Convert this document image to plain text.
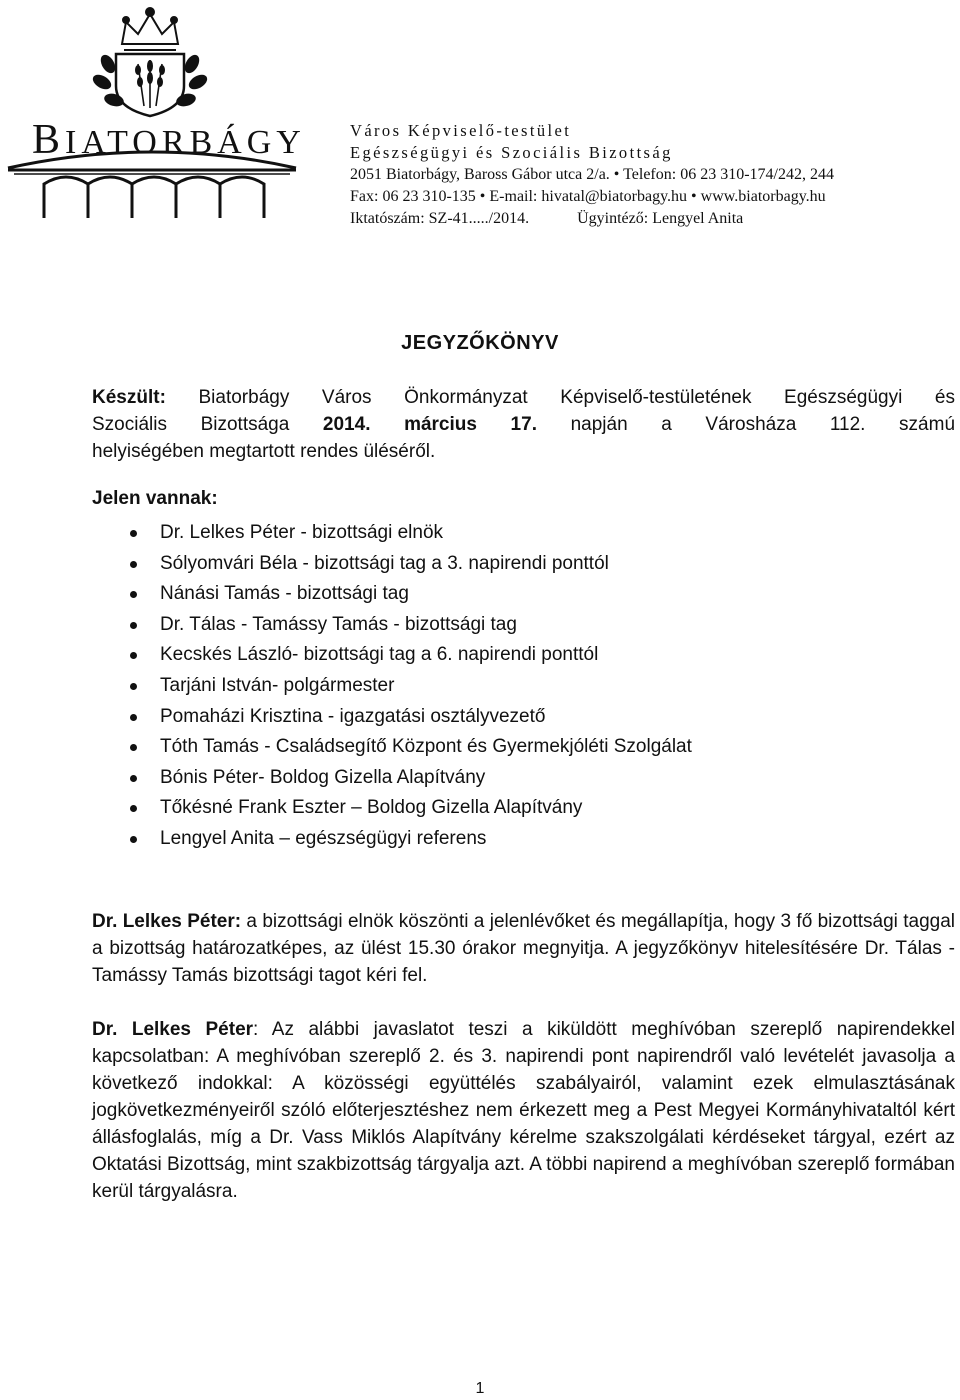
BIATORBÁGY	Város Képviselő-testület
Egészségügyi és Szociális Bizottság
2051 Biatorbágy, Baross Gábor utca 2/a. • Telefon: 06 23 310-174/242, 244
Fax: 06 23 310-135 • E-mail: hivatal@biatorbagy.hu • www.biatorbagy.hu
Iktatószám: SZ-41...../2014.	Ügyintéző: Lengyel Anita
JEGYZŐKÖNYV
Készült: Biatorbágy Város Önkormányzat Képviselő-testületének Egészségügyi és
Szociális Bizottsága 2014. március 17. napján a Városháza 112. számú
helyiségében megtartott rendes üléséről.
Jelen vannak:
Dr. Lelkes Péter - bizottsági elnök
Sólyomvári Béla - bizottsági tag a 3. napirendi ponttól
Nánási Tamás - bizottsági tag
Dr. Tálas - Tamássy Tamás - bizottsági tag
Kecskés László- bizottsági tag a 6. napirendi ponttól
Tarjáni István- polgármester
Pomaházi Krisztina - igazgatási osztályvezető
Tóth Tamás - Családsegítő Központ és Gyermekjóléti Szolgálat
Bónis Péter- Boldog Gizella Alapítvány
Tőkésné Frank Eszter – Boldog Gizella Alapítvány
Lengyel Anita – egészségügyi referens
Dr. Lelkes Péter: a bizottsági elnök köszönti a jelenlévőket és megállapítja, hogy 3 fő bizottsági taggal a bizottság határozatképes, az ülést 15.30 órakor megnyitja. A jegyzőkönyv hitelesítésére Dr. Tálas - Tamássy Tamás bizottsági tagot kéri fel.
Dr. Lelkes Péter: Az alábbi javaslatot teszi a kiküldött meghívóban szereplő napirendekkel kapcsolatban: A meghívóban szereplő 2. és 3. napirendi pont napirendről való levételét javasolja a következő indokkal: A közösségi együttélés szabályairól, valamint ezek elmulasztásának jogkövetkezményeiről szóló előterjesztéshez nem érkezett meg a Pest Megyei Kormányhivataltól kért állásfoglalás, míg a Dr. Vass Miklós Alapítvány kérelme szakszolgálati kérdéseket tárgyal, ezért az Oktatási Bizottság, mint szakbizottság tárgyalja azt. A többi napirend a meghívóban szereplő formában kerül tárgyalásra.
1
